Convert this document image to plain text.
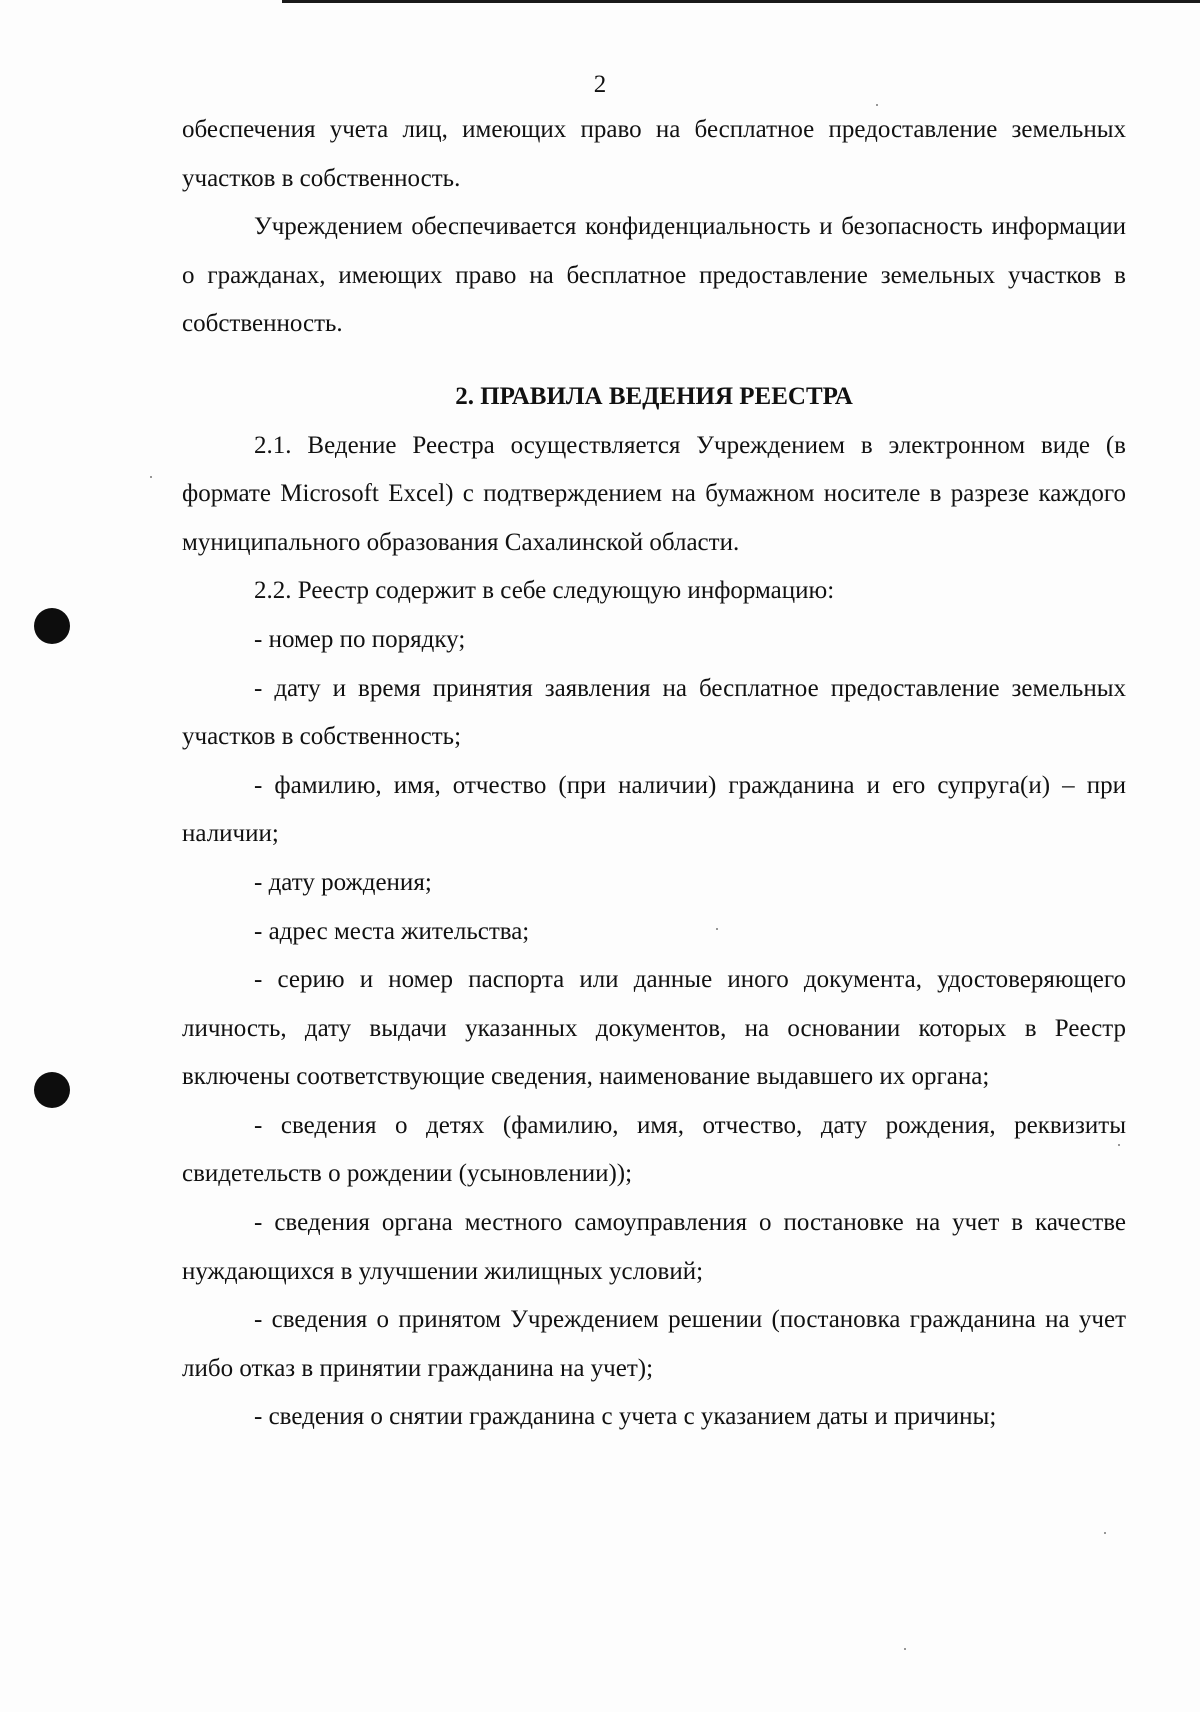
2

обеспечения учета лиц, имеющих право на бесплатное предоставление земельных участков в собственность.

Учреждением обеспечивается конфиденциальность и безопасность информации о гражданах, имеющих право на бесплатное предоставление земельных участков в собственность.

2. ПРАВИЛА ВЕДЕНИЯ РЕЕСТРА

2.1. Ведение Реестра осуществляется Учреждением в электронном виде (в формате Microsoft Excel) с подтверждением на бумажном носителе в разрезе каждого муниципального образования Сахалинской области.

2.2. Реестр содержит в себе следующую информацию:

- номер по порядку;

- дату и время принятия заявления на бесплатное предоставление земельных участков в собственность;

- фамилию, имя, отчество (при наличии) гражданина и его супруга(и) – при наличии;

- дату рождения;

- адрес места жительства;

- серию и номер паспорта или данные иного документа, удостоверяющего личность, дату выдачи указанных документов, на основании которых в Реестр включены соответствующие сведения, наименование выдавшего их органа;

- сведения о детях (фамилию, имя, отчество, дату рождения, реквизиты свидетельств о рождении (усыновлении));

- сведения органа местного самоуправления о постановке на учет в качестве нуждающихся в улучшении жилищных условий;

- сведения о принятом Учреждением решении (постановка гражданина на учет либо отказ в принятии гражданина на учет);

- сведения о снятии гражданина с учета с указанием даты и причины;
